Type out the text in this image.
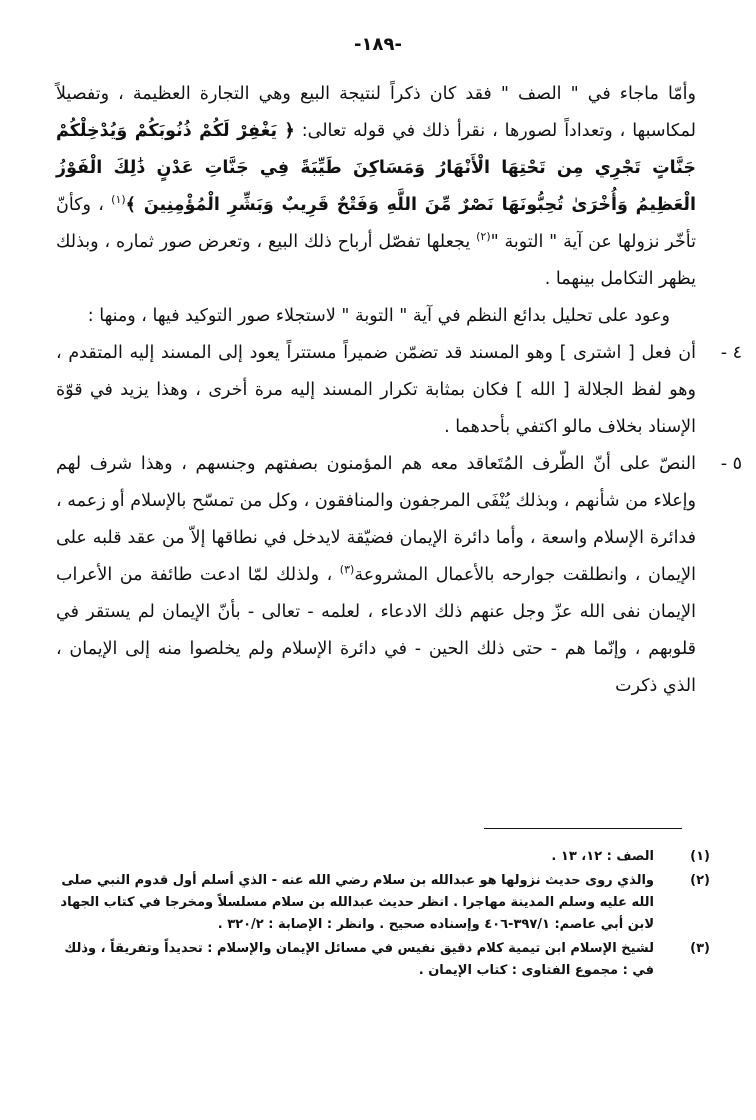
-١٨٩-

وأمّا ماجاء في " الصف " فقد كان ذكراً لنتيجة البيع وهي التجارة العظيمة ، وتفصيلاً لمكاسبها ، وتعداداً لصورها ، نقرأ ذلك في قوله تعالى: ﴿ يَغْفِرْ لَكُمْ ذُنُوبَكُمْ وَيُدْخِلْكُمْ جَنَّاتٍ تَجْرِي مِن تَحْتِهَا الْأَنْهَارُ وَمَسَاكِنَ طَيِّبَةً فِي جَنَّاتِ عَدْنٍ ذَٰلِكَ الْفَوْزُ الْعَظِيمُ وَأُخْرَىٰ تُحِبُّونَهَا نَصْرٌ مِّنَ اللَّهِ وَفَتْحٌ قَرِيبٌ وَبَشِّرِ الْمُؤْمِنِينَ ﴾$^{(١)}$ ، وكأنّ تأخّر نزولها عن آية " التوبة "$^{(٢)}$ يجعلها تفصّل أرباح ذلك البيع ، وتعرض صور ثماره ، وبذلك يظهر التكامل بينهما .

وعود على تحليل بدائع النظم في آية " التوبة " لاستجلاء صور التوكيد فيها ، ومنها :

٤ -
أن فعل [ اشترى ] وهو المسند قد تضمّن ضميراً مستتراً يعود إلى المسند إليه المتقدم ، وهو لفظ الجلالة [ الله ] فكان بمثابة تكرار المسند إليه مرة أخرى ، وهذا يزيد في قوّة الإسناد بخلاف مالو اكتفي بأحدهما .

٥ -
النصّ على أنّ الطّرف المُتَعاقد معه هم المؤمنون بصفتهم وجنسهم ، وهذا شرف لهم وإعلاء من شأنهم ، وبذلك يُنْفَى المرجفون والمنافقون ، وكل من تمسّح بالإسلام أو زعمه ، فدائرة الإسلام واسعة ، وأما دائرة الإيمان فضيّقة لايدخل في نطاقها إلاّ من عقد قلبه على الإيمان ، وانطلقت جوارحه بالأعمال المشروعة$^{(٣)}$ ، ولذلك لمّا ادعت طائفة من الأعراب الإيمان نفى الله عزّ وجل عنهم ذلك الادعاء ، لعلمه - تعالى - بأنّ الإيمان لم يستقر في قلوبهم ، وإنّما هم - حتى ذلك الحين - في دائرة الإسلام ولم يخلصوا منه إلى الإيمان ، الذي ذكرت

(١)
الصف : ١٢، ١٣ .
(٢)
والذي روى حديث نزولها هو عبدالله بن سلام رضي الله عنه - الذي أسلم أول قدوم النبي صلى الله عليه وسلم المدينة مهاجرا . انظر حديث عبدالله بن سلام مسلسلاً ومخرجا في كتاب الجهاد لابن أبي عاصم: ٣٩٧/١-٤٠٦ وإسناده صحيح . وانظر : الإصابة : ٣٢٠/٢ .
(٣)
لشيخ الإسلام ابن تيمية كلام دقيق نفيس في مسائل الإيمان والإسلام : تحديداً وتفريقاً ، وذلك في : مجموع الفتاوى : كتاب الإيمان .
